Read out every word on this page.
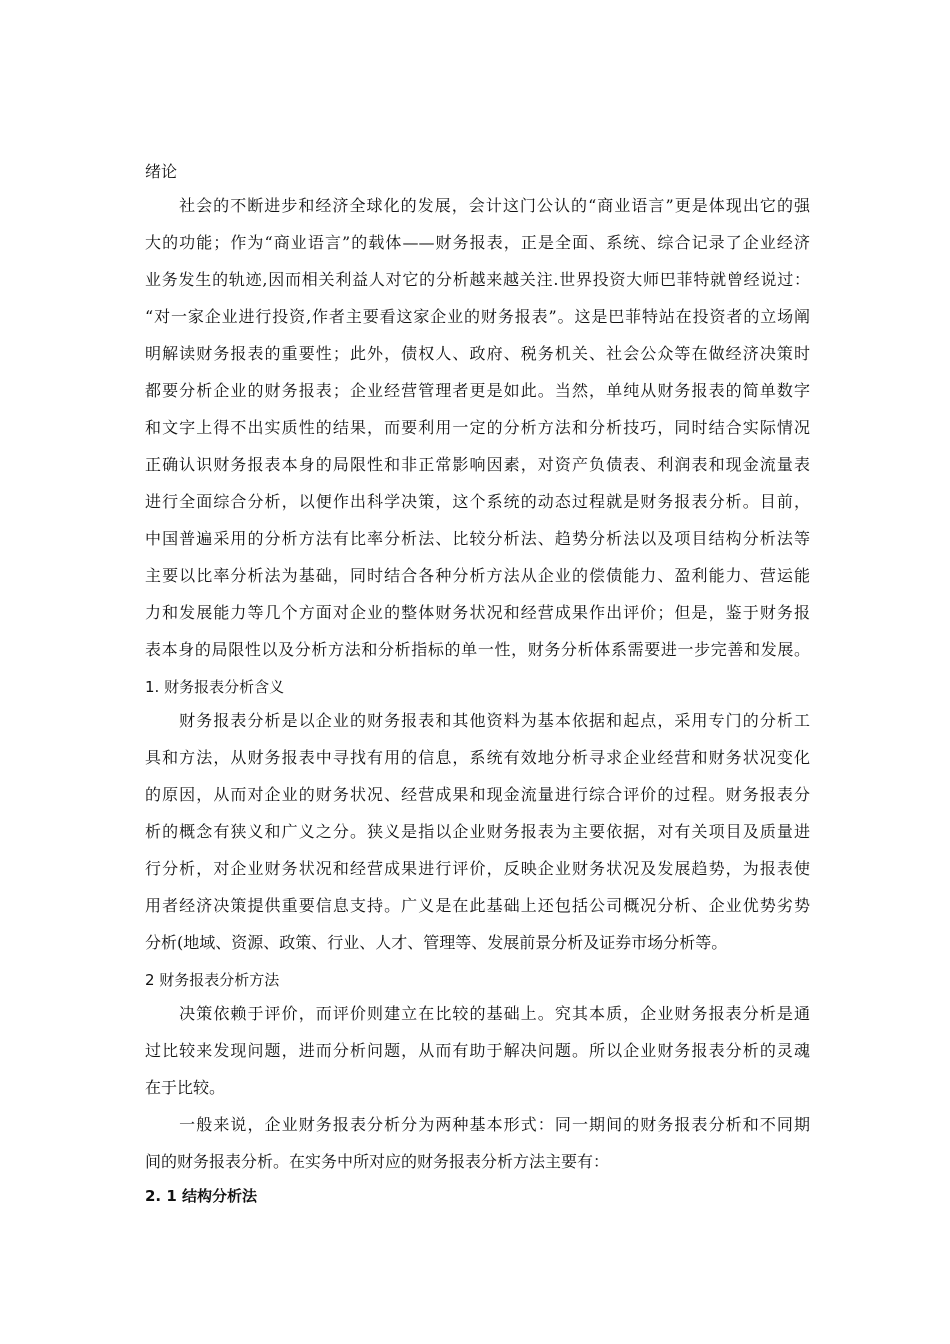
绪论
　　社会的不断进步和经济全球化的发展，会计这门公认的“商业语言”更是体现出它的强
大的功能；作为“商业语言”的载体——财务报表，正是全面、系统、综合记录了企业经济
业务发生的轨迹,因而相关利益人对它的分析越来越关注.世界投资大师巴菲特就曾经说过：
“对一家企业进行投资,作者主要看这家企业的财务报表”。这是巴菲特站在投资者的立场阐
明解读财务报表的重要性；此外，债权人、政府、税务机关、社会公众等在做经济决策时
都要分析企业的财务报表；企业经营管理者更是如此。当然，单纯从财务报表的简单数字
和文字上得不出实质性的结果，而要利用一定的分析方法和分析技巧，同时结合实际情况
正确认识财务报表本身的局限性和非正常影响因素，对资产负债表、利润表和现金流量表
进行全面综合分析，以便作出科学决策，这个系统的动态过程就是财务报表分析。目前，
中国普遍采用的分析方法有比率分析法、比较分析法、趋势分析法以及项目结构分析法等
主要以比率分析法为基础，同时结合各种分析方法从企业的偿债能力、盈利能力、营运能
力和发展能力等几个方面对企业的整体财务状况和经营成果作出评价；但是，鉴于财务报
表本身的局限性以及分析方法和分析指标的单一性，财务分析体系需要进一步完善和发展。
1. 财务报表分析含义
　　财务报表分析是以企业的财务报表和其他资料为基本依据和起点，采用专门的分析工
具和方法，从财务报表中寻找有用的信息，系统有效地分析寻求企业经营和财务状况变化
的原因，从而对企业的财务状况、经营成果和现金流量进行综合评价的过程。财务报表分
析的概念有狭义和广义之分。狭义是指以企业财务报表为主要依据，对有关项目及质量进
行分析，对企业财务状况和经营成果进行评价，反映企业财务状况及发展趋势，为报表使
用者经济决策提供重要信息支持。广义是在此基础上还包括公司概况分析、企业优势劣势
分析(地域、资源、政策、行业、人才、管理等、发展前景分析及证券市场分析等。
2 财务报表分析方法
　　决策依赖于评价，而评价则建立在比较的基础上。究其本质，企业财务报表分析是通
过比较来发现问题，进而分析问题，从而有助于解决问题。所以企业财务报表分析的灵魂
在于比较。
　　一般来说，企业财务报表分析分为两种基本形式：同一期间的财务报表分析和不同期
间的财务报表分析。在实务中所对应的财务报表分析方法主要有：
2. 1 结构分析法
